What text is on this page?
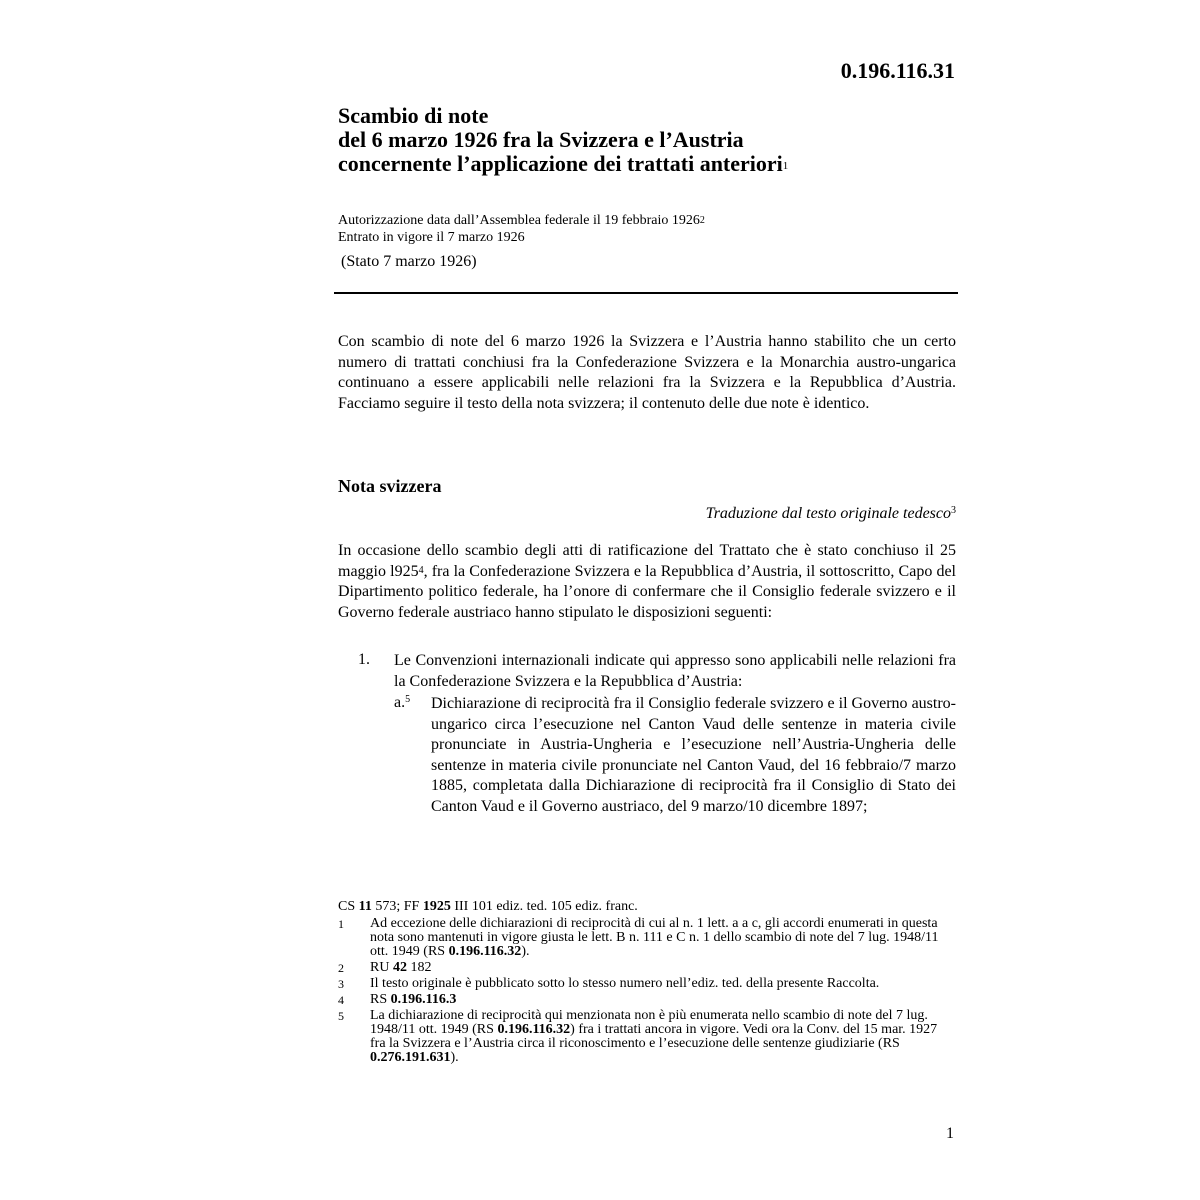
0.196.116.31
Scambio di note
del 6 marzo 1926 fra la Svizzera e l’Austria
concernente l’applicazione dei trattati anteriori$^1$
Autorizzazione data dall’Assemblea federale il 19 febbraio 1926$^2$
Entrato in vigore il 7 marzo 1926
(Stato 7 marzo 1926)
Con scambio di note del 6 marzo 1926 la Svizzera e l’Austria hanno stabilito che un certo numero di trattati conchiusi fra la Confederazione Svizzera e la Monarchia austro-ungarica continuano a essere applicabili nelle relazioni fra la Svizzera e la Repubblica d’Austria. Facciamo seguire il testo della nota svizzera; il contenuto delle due note è identico.
Nota svizzera
Traduzione dal testo originale tedesco$^3$
In occasione dello scambio degli atti di ratificazione del Trattato che è stato conchiuso il 25 maggio $l925^4$, fra la Confederazione Svizzera e la Repubblica d’Austria, il sottoscritto, Capo del Dipartimento politico federale, ha l’onore di confermare che il Consiglio federale svizzero e il Governo federale austriaco hanno stipulato le disposizioni seguenti:
1. Le Convenzioni internazionali indicate qui appresso sono applicabili nelle relazioni fra la Confederazione Svizzera e la Repubblica d’Austria:
a.$^5$ Dichiarazione di reciprocità fra il Consiglio federale svizzero e il Governo austro-ungarico circa l’esecuzione nel Canton Vaud delle sentenze in materia civile pronunciate in Austria-Ungheria e l’esecuzione nell’Austria-Ungheria delle sentenze in materia civile pronunciate nel Canton Vaud, del 16 febbraio/7 marzo 1885, completata dalla Dichiarazione di reciprocità fra il Consiglio di Stato dei Canton Vaud e il Governo austriaco, del 9 marzo/10 dicembre 1897;
CS 11 573; FF 1925 III 101 ediz. ted. 105 ediz. franc.
1	Ad eccezione delle dichiarazioni di reciprocità di cui al n. 1 lett. a a c, gli accordi enumerati in questa nota sono mantenuti in vigore giusta le lett. B n. 111 e C n. 1 dello scambio di note del 7 lug. 1948/11 ott. 1949 (RS 0.196.116.32).
2	RU 42 182
3	Il testo originale è pubblicato sotto lo stesso numero nell’ediz. ted. della presente Raccolta.
4	RS 0.196.116.3
5	La dichiarazione di reciprocità qui menzionata non è più enumerata nello scambio di note del 7 lug. 1948/11 ott. 1949 (RS 0.196.116.32) fra i trattati ancora in vigore. Vedi ora la Conv. del 15 mar. 1927 fra la Svizzera e l’Austria circa il riconoscimento e l’esecuzione delle sentenze giudiziarie (RS 0.276.191.631).
1
